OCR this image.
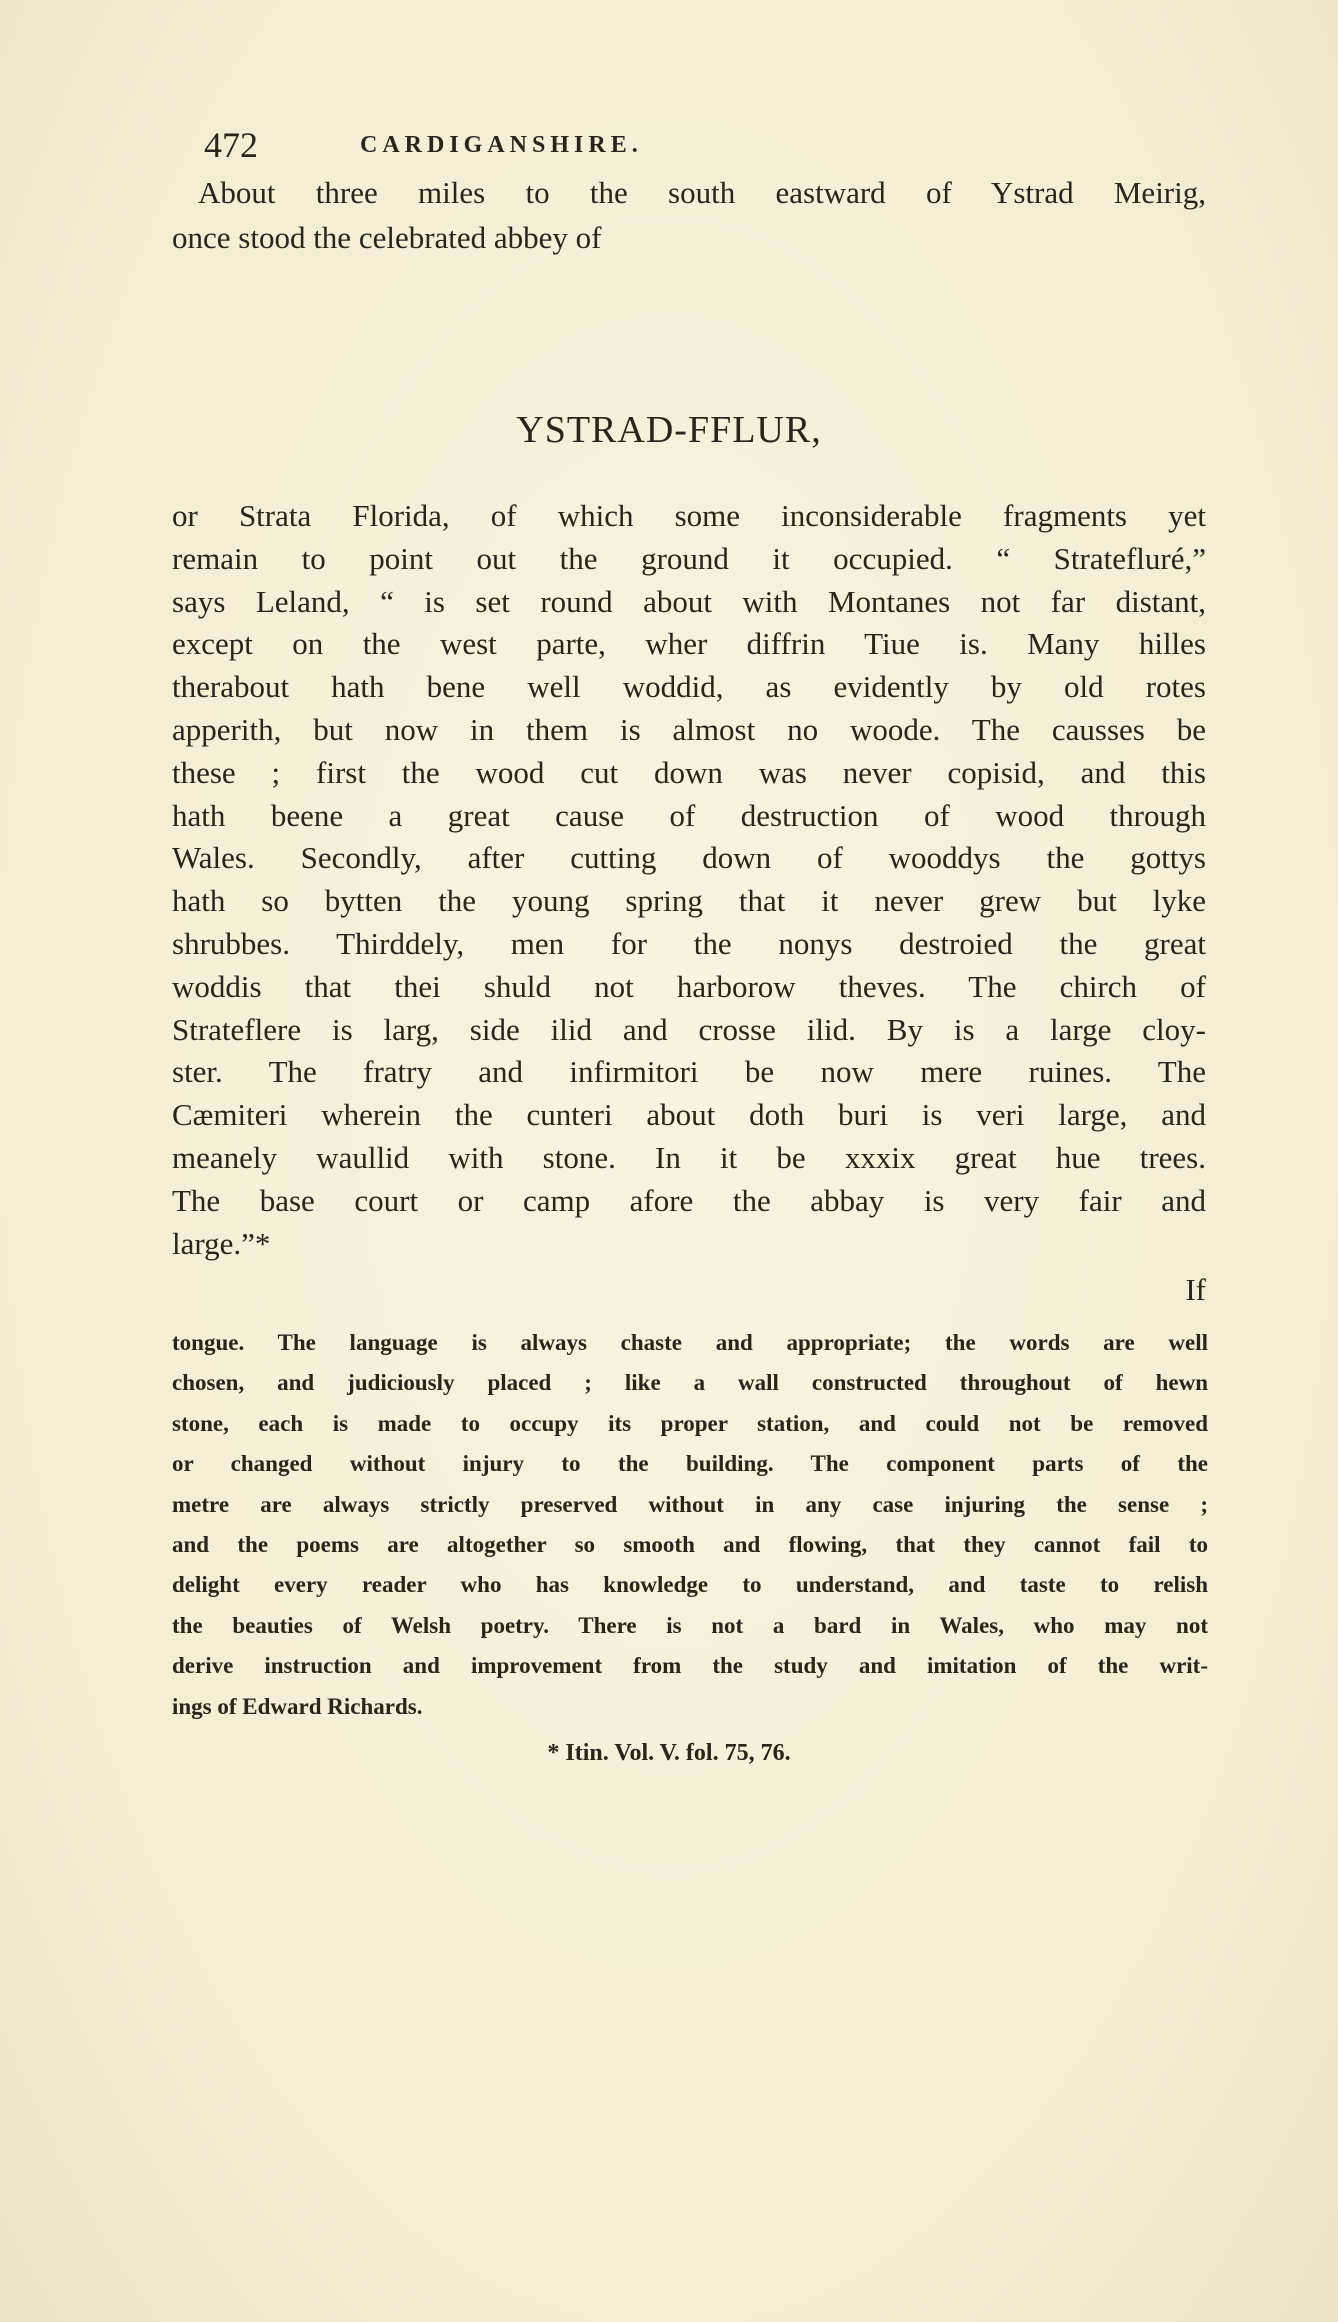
472	CARDIGANSHIRE.
About three miles to the south eastward of Ystrad Meirig,
once stood the celebrated abbey of
YSTRAD-FFLUR,
or Strata Florida, of which some inconsiderable fragments yet
remain to point out the ground it occupied. “ Stratefluré,”
says Leland, “ is set round about with Montanes not far distant,
except on the west parte, wher diffrin Tiue is. Many hilles
therabout hath bene well woddid, as evidently by old rotes
apperith, but now in them is almost no woode. The causses be
these ; first the wood cut down was never copisid, and this
hath beene a great cause of destruction of wood through
Wales. Secondly, after cutting down of wooddys the gottys
hath so bytten the young spring that it never grew but lyke
shrubbes. Thirddely, men for the nonys destroied the great
woddis that thei shuld not harborow theves. The chirch of
Strateflere is larg, side ilid and crosse ilid. By is a large cloy-
ster. The fratry and infirmitori be now mere ruines. The
Cæmiteri wherein the cunteri about doth buri is veri large, and
meanely waullid with stone. In it be xxxix great hue trees.
The base court or camp afore the abbay is very fair and
large.”*
If
tongue. The language is always chaste and appropriate; the words are well
chosen, and judiciously placed ; like a wall constructed throughout of hewn
stone, each is made to occupy its proper station, and could not be removed
or changed without injury to the building. The component parts of the
metre are always strictly preserved without in any case injuring the sense ;
and the poems are altogether so smooth and flowing, that they cannot fail to
delight every reader who has knowledge to understand, and taste to relish
the beauties of Welsh poetry. There is not a bard in Wales, who may not
derive instruction and improvement from the study and imitation of the writ-
ings of Edward Richards.
* Itin. Vol. V. fol. 75, 76.
